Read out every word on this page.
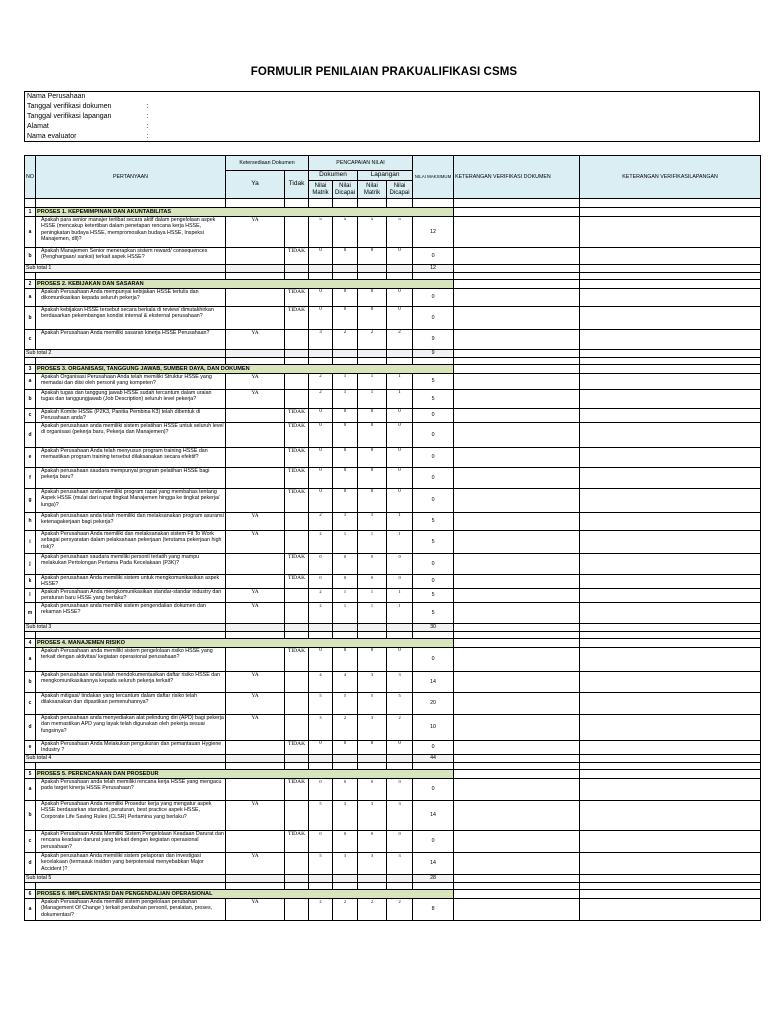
FORMULIR PENILAIAN PRAKUALIFIKASI CSMS
Nama Perusahaan	
Tanggal verifikasi dokumen	:
Tanggal verifikasi lapangan	:
Alamat	:
Nama evaluator	:
NO	PERTANYAAN	Ketersediaan Dokumen		PENCAPAIAN NILAI				NILAI MAKSIMUM	KETERANGAN VERIFIKASI DOKUMEN	KETERANGAN VERIFIKASILAPANGAN
		Ya	Tidak	Dokumen		Lapangan				
				Nilai Matrik	Nilai Dicapai	Nilai Matrik	Nilai Dicapai			

1	PROSES 1. KEPEMIMPINAN DAN AKUNTABILITAS									
a	Apakah para senior manajer terlibat secara aktif dalam pengelolaan aspek HSSE (mencakup ketertiban dalam penetapan rencana kerja HSSE, peningkatan budaya HSSE, mempromosikan budaya HSSE, Inspeksi Manajemen, dll)?	YA		5	5	5	5	12		
b	Apakah Manajemen Senior menerapkan sistem reward/ consequences (Penghargaan/ sanksi) terkait aspek HSSE?		TIDAK	0	0	0	0	0		
Sub total 1								12		

2	PROSES 2. KEBIJAKAN DAN SASARAN									
a	Apakah Perusahaan Anda mempunyai kebijakan HSSE tertulis dan dikomunikasikan kepada seluruh pekerja?		TIDAK	0	0	0	0	0		
b	Apakah kebijakan HSSE tersebut secara berkala di review/ dimutakhirkan berdasarkan pekembangan kondisi internal & eksternal perusahaan?		TIDAK	0	0	0	0	0		
c	Apakah Perusahaan Anda memiliki sasaran kinerja HSSE Perusahaan?	YA		3	2	2	2	9		
Sub total 2								9		

3	PROSES 3. ORGANISASI, TANGGUNG JAWAB, SUMBER DAYA, DAN DOKUMEN									
a	Apakah Organisasi Perusahaan Anda telah memiliki Struktur HSSE yang memadai dan diisi oleh personil yang kompeten?	YA		2	1	1	1	5		
b	Apakah tugas dan tanggung jawab HSSE sudah tercantum dalam uraian tugas dan tanggungjawab (Job Description) seluruh level pekerja?	YA		2	1	1	1	5		
c	Apakah Komite HSSE (P2K3, Panitia Pembina K3) telah dibentuk di Perusahaan anda?		TIDAK	0	0	0	0	0		
d	Apakah perusahaan anda memiliki sistem pelatihan HSSE untuk seluruh level di organisasi (pekerja baru, Pekerja dan Manajemen)?		TIDAK	0	0	0	0	0		
e	Apakah Perusahaan Anda telah menyusun program training HSSE dan memastikan program training tersebut dilaksanakan secara efektif?		TIDAK	0	0	0	0	0		
f	Apakah perusahaan saudara mempunyai program pelatihan HSSE bagi pekerja baru?		TIDAK	0	0	0	0	0		
g	Apakah perusahaan anda memiliki program rapat yang membahas tentang Aspek HSSE (mulai dari rapat tingkat Manajemen hingga ke tingkat pekerja/ lunga)?		TIDAK	0	0	0	0	0		
h	Apakah perusahaan anda telah memiliki dan melaksanakan program asuransi ketenagakerjaan bagi pekerja?	YA		2	1	1	1	5		
i	Apakah Perusahaan Anda memiliki dan melaksanakan sistem Fit To Work sebagai persyaratan dalam pelaksanaan pekerjaan (terutama pekerjaan high risk)?	YA		2	1	1	1	5		
j	Apakah perusahaan saudara memiliki personil terlatih yang mampu melakukan Pertolongan Pertama Pada Kecelakaan (P3K)?		TIDAK	0	0	0	0	0		
k	Apakah perusahaan Anda memiliki sistem untuk mengkomunikasikan aspek HSSE?		TIDAK	0	0	0	0	0		
l	Apakah Perusahaan Anda mengkomunikasikan standar-standar industry dan peraturan baru HSSE yang berlaku?	YA		2	1	1	1	5		
m	Apakah perusahaan anda memiliki sistem pengendalian dokumen dan rekaman HSSE?	YA		2	1	1	1	5		
Sub total 3								30		

4	PROSES 4. MANAJEMEN RISIKO									
a	Apakah Perusahaan anda memiliki sistem pengelolaan risiko HSSE yang terkait dengan aktivitas/ kegiatan operasional perusahaan?		TIDAK	0	0	0	0	0		
b	Apakah perusahaan anda telah mendokumentasikan daftar risiko HSSE dan mengkomunikasikannya kepada seluruh pekerja terkait?	YA		4	4	3	3	14		
c	Apakah mitigasi/ tindakan yang tercantum dalam daftar risiko telah dilaksanakan dan dipastikan pemenuhannya?	YA		5	5	5	5	20		
d	Apakah perusahaan anda menyediakan alat pelindung diri (APD) bagi pekerja dan memastikan APD yang layak telah digunakan oleh pekerja sesuai fungsinya?	YA		3	2	3	2	10		
e	Apakah Perusahaan Anda Melakukan pengukuran dan pemantauan Hygiene Industry ?		TIDAK	0	0	0	0	0		
Sub total 4								44		

5	PROSES 5. PERENCANAAN DAN PROSEDUR									
a	Apakah Perusahaan anda telah memiliki rencana kerja HSSE yang mengacu pada target kinerja HSSE Perusahaan?		TIDAK	0	0	0	0	0		
b	Apakah Perusahaan Anda memiliki Prosedur kerja yang mengatur aspek HSSE berdasarkan standard, peraturan, best practice aspek HSSE, Corporate Life Saving Rules (CLSR) Pertamina yang berlaku?	YA		5	3	3	3	14		
c	Apakah Perusahaan Anda Memiliki Sistem Pengelolaan Keadaan Darurat dan rencana keadaan darurat yang terkait dengan kegiatan operasional perusahaan?		TIDAK	0	0	0	0	0		
d	Apakah perusahaan Anda memiliki sistem pelaporan dan investigasi kecelakaan (termasuk insiden yang berpotensial menyebabkan Major Accident )?	YA		5	3	3	3	14		
Sub total 5								28		

6	PROSES 6. IMPLEMENTASI DAN PENGENDALIAN OPERASIONAL									
a	Apakah Perusahaan Anda memiliki sistem pengelolaan perubahan (Management Of Change ) terkait perubahan personil, peralatan, proses, dokumentasi?	YA		2	2	2	2	8		
